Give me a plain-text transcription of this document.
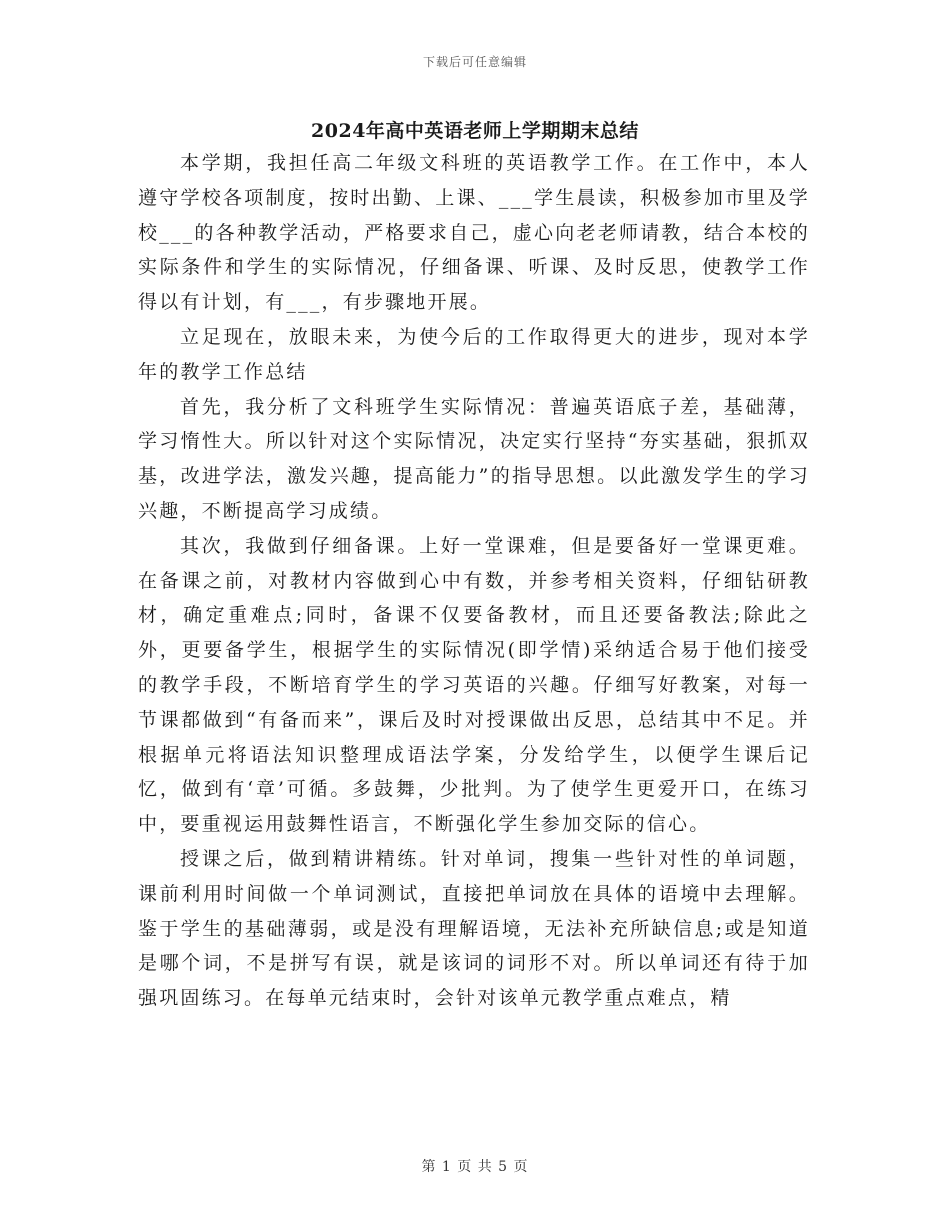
下载后可任意编辑
2024年高中英语老师上学期期末总结

本学期，我担任高二年级文科班的英语教学工作。在工作中，本人遵守学校各项制度，按时出勤、上课、___学生晨读，积极参加市里及学校___的各种教学活动，严格要求自己，虚心向老老师请教，结合本校的实际条件和学生的实际情况，仔细备课、听课、及时反思，使教学工作得以有计划，有___，有步骤地开展。

立足现在，放眼未来，为使今后的工作取得更大的进步，现对本学年的教学工作总结

首先，我分析了文科班学生实际情况：普遍英语底子差，基础薄，学习惰性大。所以针对这个实际情况，决定实行坚持“夯实基础，狠抓双基，改进学法，激发兴趣，提高能力”的指导思想。以此激发学生的学习兴趣，不断提高学习成绩。

其次，我做到仔细备课。上好一堂课难，但是要备好一堂课更难。在备课之前，对教材内容做到心中有数，并参考相关资料，仔细钻研教材，确定重难点;同时，备课不仅要备教材，而且还要备教法;除此之外，更要备学生，根据学生的实际情况(即学情)采纳适合易于他们接受的教学手段，不断培育学生的学习英语的兴趣。仔细写好教案，对每一节课都做到“有备而来”，课后及时对授课做出反思，总结其中不足。并根据单元将语法知识整理成语法学案，分发给学生，以便学生课后记忆，做到有‘章’可循。多鼓舞，少批判。为了使学生更爱开口，在练习中，要重视运用鼓舞性语言，不断强化学生参加交际的信心。

授课之后，做到精讲精练。针对单词，搜集一些针对性的单词题，课前利用时间做一个单词测试，直接把单词放在具体的语境中去理解。鉴于学生的基础薄弱，或是没有理解语境，无法补充所缺信息;或是知道是哪个词，不是拼写有误，就是该词的词形不对。所以单词还有待于加强巩固练习。在每单元结束时，会针对该单元教学重点难点，精

第 1 页 共 5 页
